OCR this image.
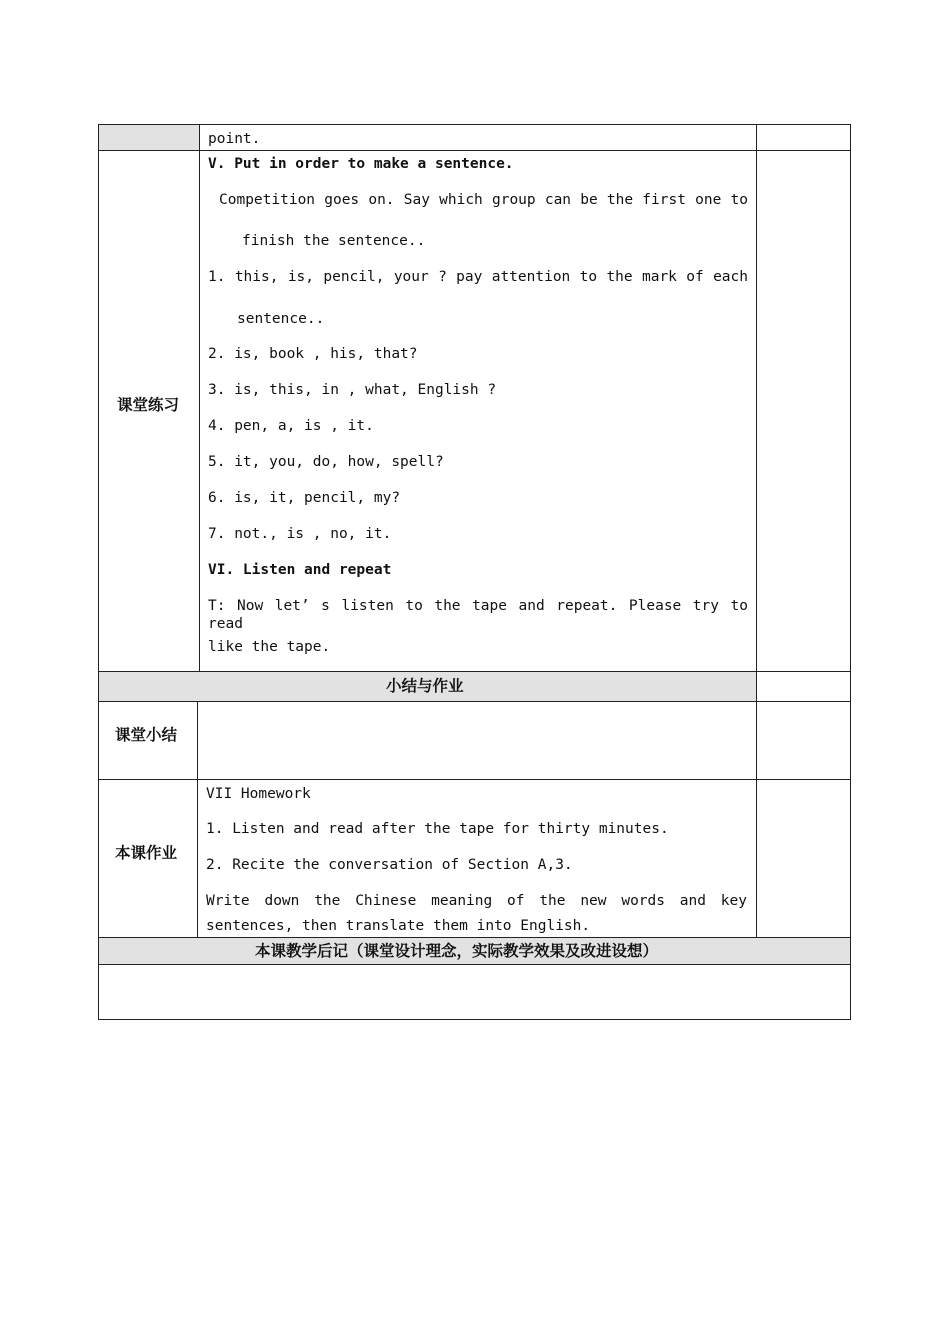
point.
课堂练习
V. Put in order to make a sentence.
Competition goes on. Say which group can be the first one to
finish the sentence..
1. this, is, pencil, your ? pay attention to the mark of each
sentence..
2. is, book , his, that?
3. is, this, in , what, English ?
4. pen, a, is , it.
5. it, you, do, how, spell?
6. is, it, pencil, my?
7. not., is , no, it.
VI. Listen and repeat
T: Now let’ s listen to the tape and repeat. Please try to read
like the tape.
小结与作业
课堂小结
本课作业
VII Homework
1. Listen and read after the tape for thirty minutes.
2. Recite the conversation of Section A,3.
Write down the Chinese meaning of the new words and key
sentences, then translate them into English.
本课教学后记（课堂设计理念，实际教学效果及改进设想）
